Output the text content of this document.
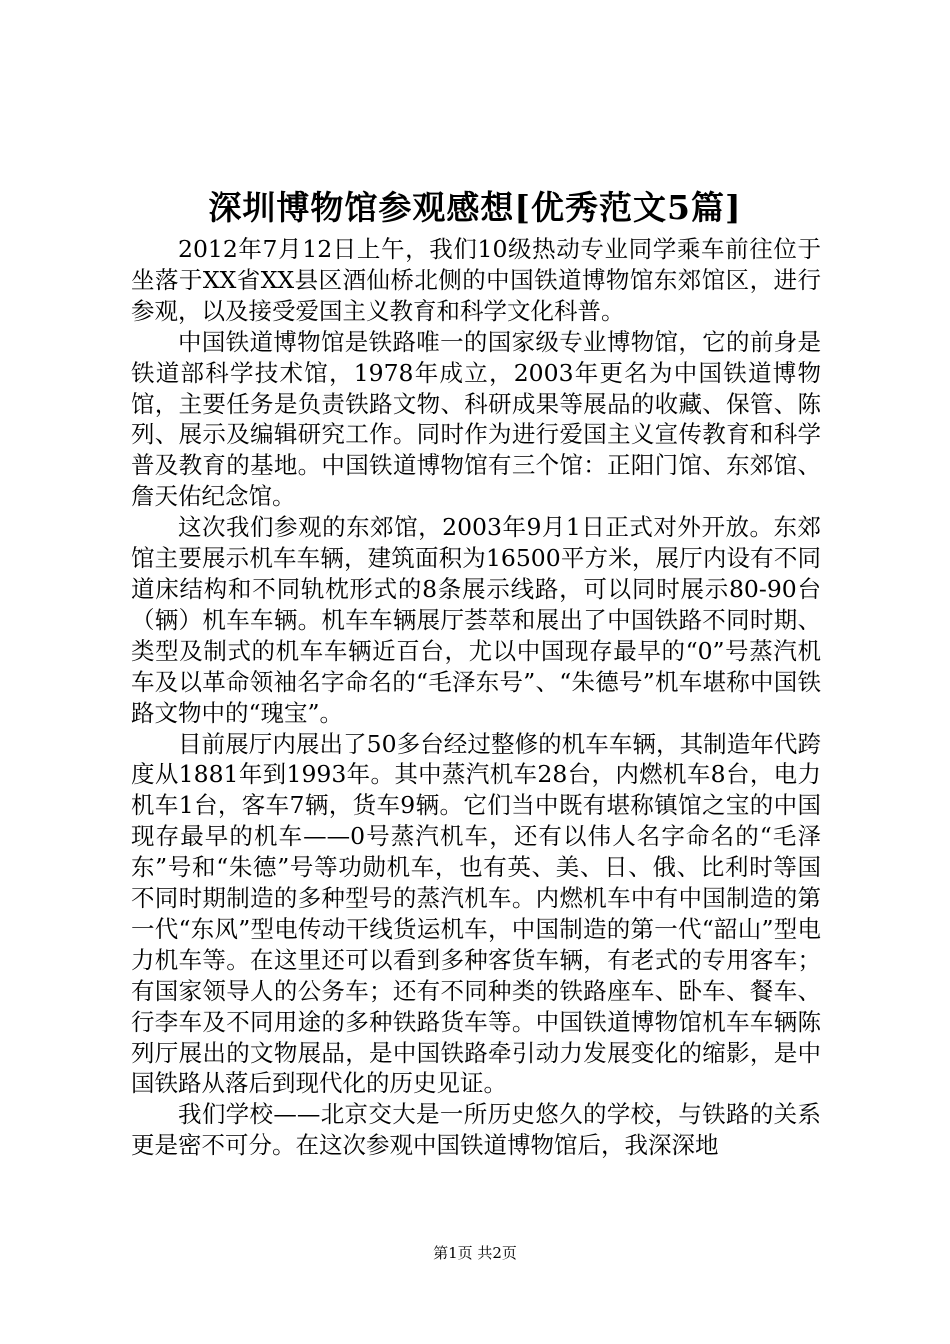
深圳博物馆参观感想[优秀范文5篇]

2012年7月12日上午，我们10级热动专业同学乘车前往位于坐落于XX省XX县区酒仙桥北侧的中国铁道博物馆东郊馆区，进行参观，以及接受爱国主义教育和科学文化科普。

中国铁道博物馆是铁路唯一的国家级专业博物馆，它的前身是铁道部科学技术馆，1978年成立，2003年更名为中国铁道博物馆，主要任务是负责铁路文物、科研成果等展品的收藏、保管、陈列、展示及编辑研究工作。同时作为进行爱国主义宣传教育和科学普及教育的基地。中国铁道博物馆有三个馆：正阳门馆、东郊馆、詹天佑纪念馆。

这次我们参观的东郊馆，2003年9月1日正式对外开放。东郊馆主要展示机车车辆，建筑面积为16500平方米，展厅内设有不同道床结构和不同轨枕形式的8条展示线路，可以同时展示80-90台（辆）机车车辆。机车车辆展厅荟萃和展出了中国铁路不同时期、类型及制式的机车车辆近百台，尤以中国现存最早的“0”号蒸汽机车及以革命领袖名字命名的“毛泽东号”、“朱德号”机车堪称中国铁路文物中的“瑰宝”。

目前展厅内展出了50多台经过整修的机车车辆，其制造年代跨度从1881年到1993年。其中蒸汽机车28台，内燃机车8台，电力机车1台，客车7辆，货车9辆。它们当中既有堪称镇馆之宝的中国现存最早的机车——0号蒸汽机车，还有以伟人名字命名的“毛泽东”号和“朱德”号等功勋机车，也有英、美、日、俄、比利时等国不同时期制造的多种型号的蒸汽机车。内燃机车中有中国制造的第一代“东风”型电传动干线货运机车，中国制造的第一代“韶山”型电力机车等。在这里还可以看到多种客货车辆，有老式的专用客车；有国家领导人的公务车；还有不同种类的铁路座车、卧车、餐车、行李车及不同用途的多种铁路货车等。中国铁道博物馆机车车辆陈列厅展出的文物展品，是中国铁路牵引动力发展变化的缩影，是中国铁路从落后到现代化的历史见证。

我们学校——北京交大是一所历史悠久的学校，与铁路的关系更是密不可分。在这次参观中国铁道博物馆后，我深深地

第1页 共2页
